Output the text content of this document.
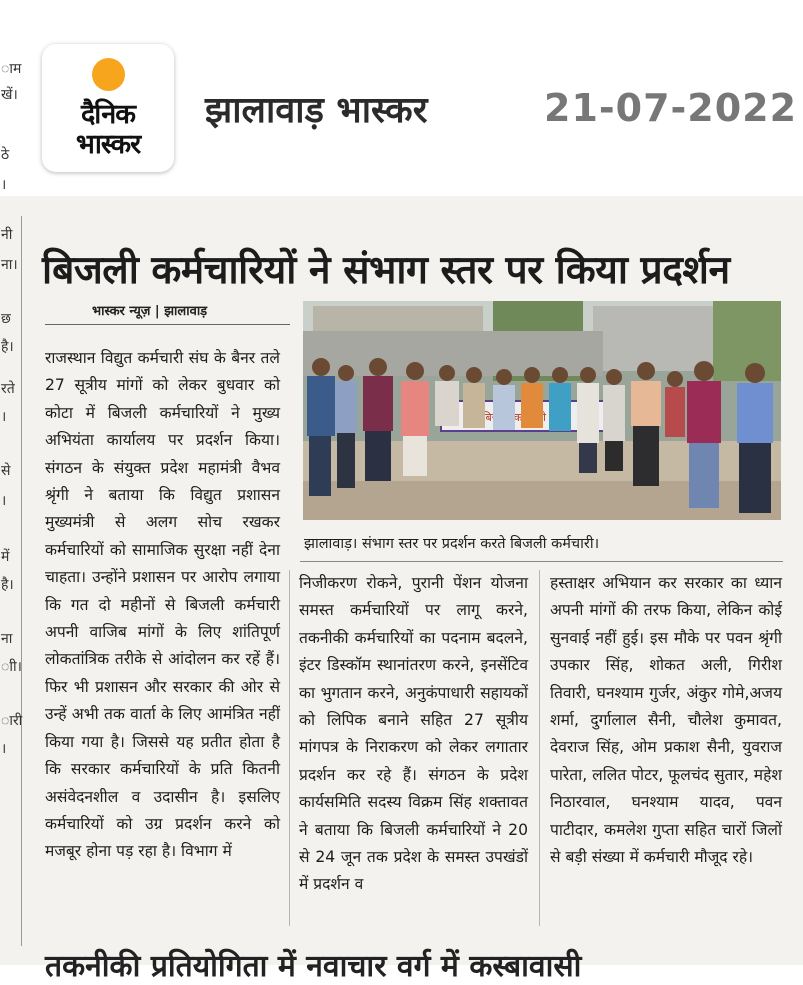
दैनिक
भास्कर
झालावाड़ भास्कर	21-07-2022
ाम
खें।
ठे
।
नी
ना।
छ
है।
रते
।
से
।
में
है।
ना
ाी।
ारी
।
बिजली कर्मचारियों ने संभाग स्तर पर किया प्रदर्शन
भास्कर न्यूज़ | झालावाड़
राजस्थान विद्युत कर्मचारी संघ के बैनर तले 27 सूत्रीय मांगों को लेकर बुधवार को कोटा में बिजली कर्मचारियों ने मुख्य अभियंता कार्यालय पर प्रदर्शन किया। संगठन के संयुक्त प्रदेश महामंत्री वैभव श्रृंगी ने बताया कि विद्युत प्रशासन मुख्यमंत्री से अलग सोच रखकर कर्मचारियों को सामाजिक सुरक्षा नहीं देना चाहता। उन्होंने प्रशासन पर आरोप लगाया कि गत दो महीनों से बिजली कर्मचारी अपनी वाजिब मांगों के लिए शांतिपूर्ण लोकतांत्रिक तरीके से आंदोलन कर रहें हैं। फिर भी प्रशासन और सरकार की ओर से उन्हें अभी तक वार्ता के लिए आमंत्रित नहीं किया गया है। जिससे यह प्रतीत होता है कि सरकार कर्मचारियों के प्रति कितनी असंवेदनशील व उदासीन है। इसलिए कर्मचारियों को उग्र प्रदर्शन करने को मजबूर होना पड़ रहा है। विभाग में
निजीकरण रोकने, पुरानी पेंशन योजना समस्त कर्मचारियों पर लागू करने, तकनीकी कर्मचारियों का पदनाम बदलने, इंटर डिस्कॉम स्थानांतरण करने, इनसेंटिव का भुगतान करने, अनुकंपाधारी सहायकों को लिपिक बनाने सहित 27 सूत्रीय मांगपत्र के निराकरण को लेकर लगातार प्रदर्शन कर रहे हैं। संगठन के प्रदेश कार्यसमिति सदस्य विक्रम सिंह शक्तावत ने बताया कि बिजली कर्मचारियों ने 20 से 24 जून तक प्रदेश के समस्त उपखंडों में प्रदर्शन व
हस्ताक्षर अभियान कर सरकार का ध्यान अपनी मांगों की तरफ किया, लेकिन कोई सुनवाई नहीं हुई। इस मौके पर पवन श्रृंगी उपकार सिंह, शोकत अली, गिरीश तिवारी, घनश्याम गुर्जर, अंकुर गोमे,अजय शर्मा, दुर्गालाल सैनी, चौलेश कुमावत, देवराज सिंह, ओम प्रकाश सैनी, युवराज पारेता, ललित पोटर, फूलचंद सुतार, महेश निठारवाल, घनश्याम यादव, पवन पाटीदार, कमलेश गुप्ता सहित चारों जिलों से बड़ी संख्या में कर्मचारी मौजूद रहे।
झालावाड़। संभाग स्तर पर प्रदर्शन करते बिजली कर्मचारी।
तकनीकी प्रतियोगिता में नवाचार वर्ग में कस्बावासी
